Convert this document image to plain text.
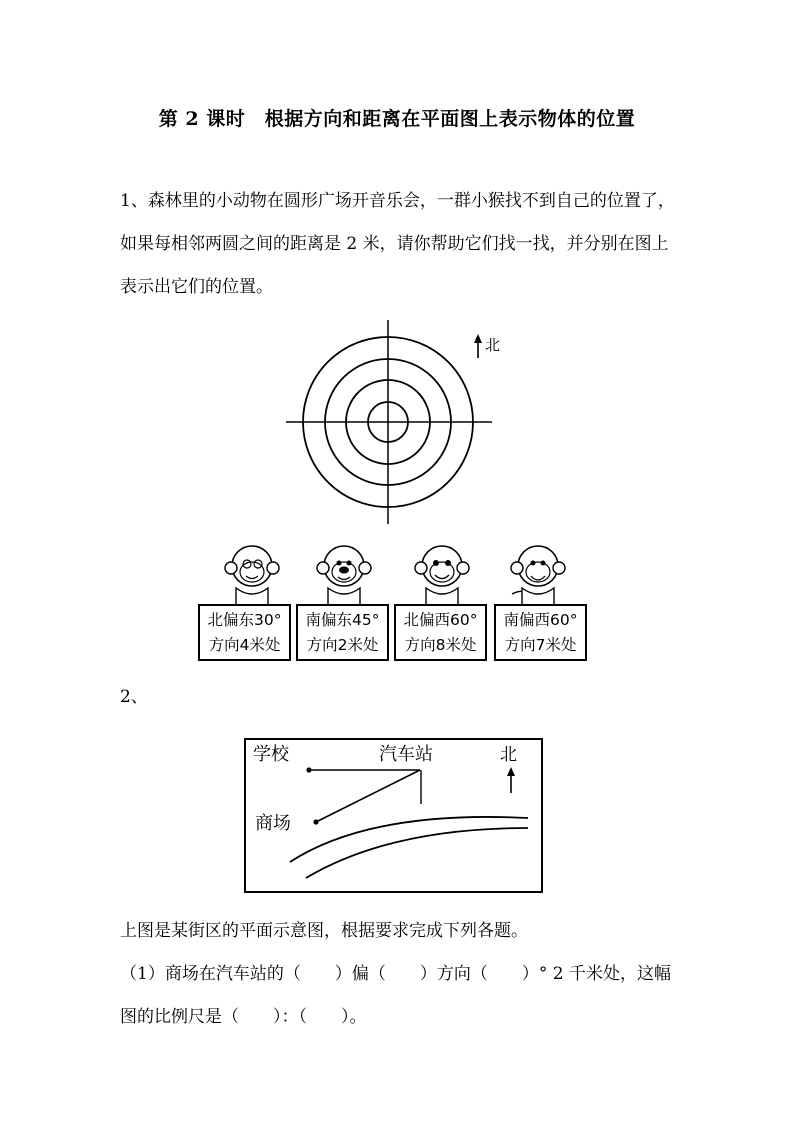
第 2 课时　根据方向和距离在平面图上表示物体的位置
1、森林里的小动物在圆形广场开音乐会，一群小猴找不到自己的位置了，如果每相邻两圆之间的距离是 2 米，请你帮助它们找一找，并分别在图上表示出它们的位置。
北
北偏东30°
方向4米处
南偏东45°
方向2米处
北偏西60°
方向8米处
南偏西60°
方向7米处
2、
学校	汽车站	北
商场
上图是某街区的平面示意图，根据要求完成下列各题。
（1）商场在汽车站的（　　）偏（　　）方向（　　）° 2 千米处，这幅图的比例尺是（　　）：（　　）。
